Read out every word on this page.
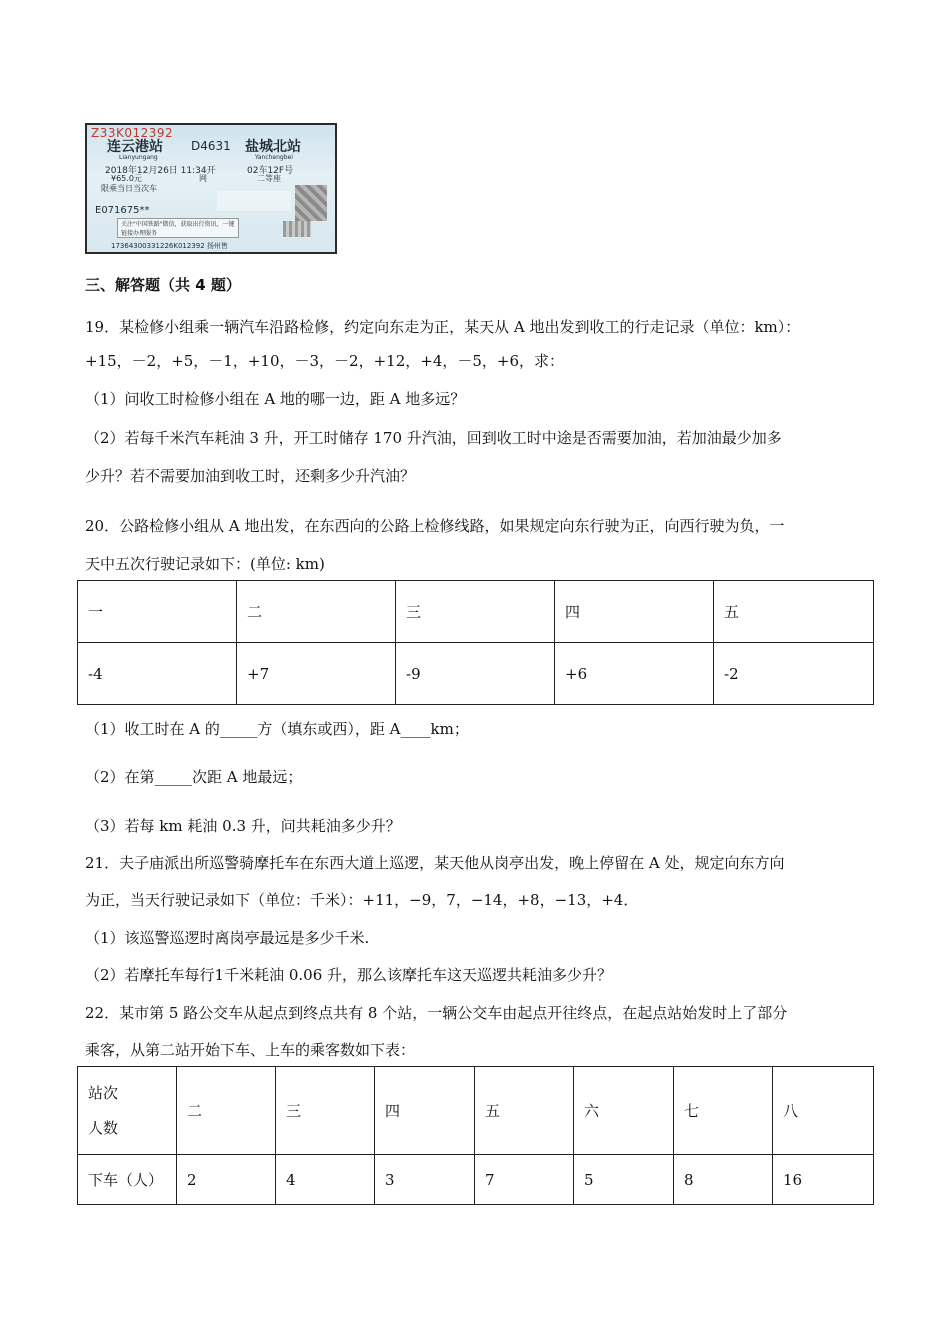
Z33K012392
连云港站 D4631 盐城北站
Lianyungang	Yanchengbei
2018年12月26日 11:34开	02车12F号
¥65.0元	网	二等座
限乘当日当次车
E071675**
关注"中国铁路"微信，获取出行资讯、一键链接办理服务
17364300331226K012392 扬州售
三、解答题（共 4 题）
19．某检修小组乘一辆汽车沿路检修，约定向东走为正，某天从 A 地出发到收工的行走记录（单位：km）：
+15，－2，+5，－1，+10，－3，－2，+12，+4，－5，+6，求：
（1）问收工时检修小组在 A 地的哪一边，距 A 地多远？
（2）若每千米汽车耗油 3 升，开工时储存 170 升汽油，回到收工时中途是否需要加油，若加油最少加多
少升？若不需要加油到收工时，还剩多少升汽油？
20．公路检修小组从 A 地出发，在东西向的公路上检修线路，如果规定向东行驶为正，向西行驶为负，一
天中五次行驶记录如下：(单位: km)
一	二	三	四	五
-4	+7	-9	+6	-2
（1）收工时在 A 的_____方（填东或西），距 A____km；
（2）在第_____次距 A 地最远；
（3）若每 km 耗油 0.3 升，问共耗油多少升？
21．夫子庙派出所巡警骑摩托车在东西大道上巡逻，某天他从岗亭出发，晚上停留在 A 处，规定向东方向
为正，当天行驶记录如下（单位：千米）：+11，−9，7，−14，+8，−13，+4．
（1）该巡警巡逻时离岗亭最远是多少千米.
（2）若摩托车每行1千米耗油 0.06 升，那么该摩托车这天巡逻共耗油多少升？
22．某市第 5 路公交车从起点到终点共有 8 个站，一辆公交车由起点开往终点，在起点站始发时上了部分
乘客，从第二站开始下车、上车的乘客数如下表：
站次
人数	二	三	四	五	六	七	八
下车（人）	2	4	3	7	5	8	16
